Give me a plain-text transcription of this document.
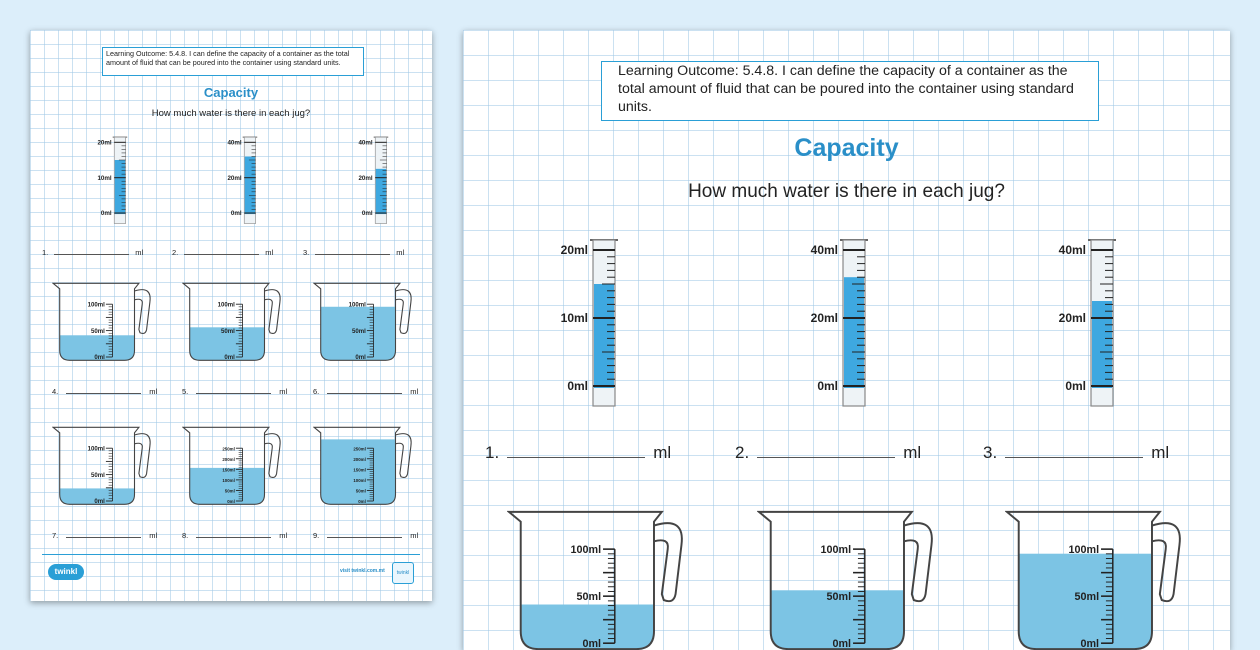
Learning Outcome: 5.4.8. I can define the capacity of a container as the total amount of fluid that can be poured into the container using standard units.
Capacity
How much water is there in each jug?
20ml
10ml
0ml
40ml
20ml
0ml
40ml
20ml
0ml
1.	ml	2.	ml	3.	ml
100ml
50ml
0ml
4.	ml
100ml
50ml
0ml
5.	ml
100ml
50ml
0ml
6.	ml
100ml
50ml
0ml
7.	ml
250ml
200ml
150ml
100ml
50ml
0ml
8.	ml
250ml
200ml
150ml
100ml
50ml
0ml
9.	ml
twinkl	visit twinkl.com.mt	twinkl
Learning Outcome: 5.4.8. I can define the capacity of a container as the total amount of fluid that can be poured into the container using standard units.
Capacity
How much water is there in each jug?
20ml
10ml
0ml
40ml
20ml
0ml
40ml
20ml
0ml
1.	ml	2.	ml	3.	ml
100ml
50ml
0ml
100ml
50ml
0ml
100ml
50ml
0ml
